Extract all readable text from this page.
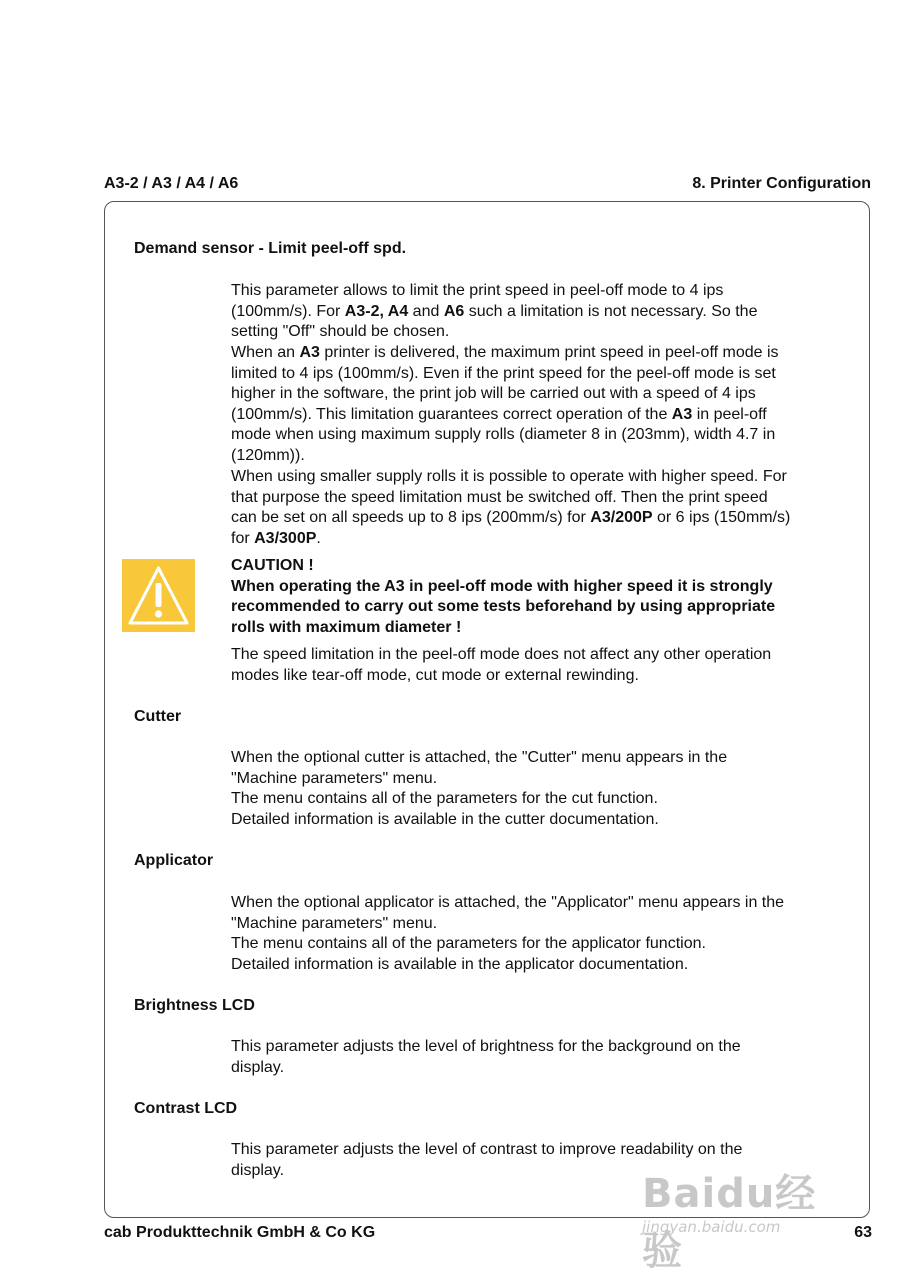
A3-2 / A3 / A4 / A6	8. Printer Configuration
Demand sensor - Limit peel-off spd.
This parameter allows to limit the print speed in peel-off mode to 4 ips
(100mm/s). For A3-2, A4 and A6 such a limitation is not necessary. So the
setting "Off" should be chosen.
When an A3 printer is delivered, the maximum print speed in peel-off mode is
limited to 4 ips (100mm/s). Even if the print speed for the peel-off mode is set
higher in the software, the print job will be carried out with a speed of 4 ips
(100mm/s). This limitation guarantees correct operation of the A3 in peel-off
mode when using maximum supply rolls (diameter 8 in (203mm), width 4.7 in
(120mm)).
When using smaller supply rolls it is possible to operate with higher speed. For
that purpose the speed limitation must be switched off. Then the print speed
can be set on all speeds up to 8 ips (200mm/s) for A3/200P or 6 ips (150mm/s)
for A3/300P.
CAUTION !
When operating the A3 in peel-off mode with higher speed it is strongly
recommended to carry out some tests beforehand by using appropriate
rolls with maximum diameter !
The speed limitation in the peel-off mode does not affect any other operation
modes like tear-off mode, cut mode or external rewinding.
Cutter
When the optional cutter is attached, the "Cutter" menu appears in the
"Machine parameters" menu.
The menu contains all of the parameters for the cut function.
Detailed information is available in the cutter documentation.
Applicator
When the optional applicator is attached, the "Applicator" menu appears in the
"Machine parameters" menu.
The menu contains all of the parameters for the applicator function.
Detailed information is available in the applicator documentation.
Brightness LCD
This parameter adjusts the level of brightness for the background on the
display.
Contrast LCD
This parameter adjusts the level of contrast to improve readability on the
display.
Baidu经验
jingyan.baidu.com
cab Produkttechnik GmbH & Co KG	63
